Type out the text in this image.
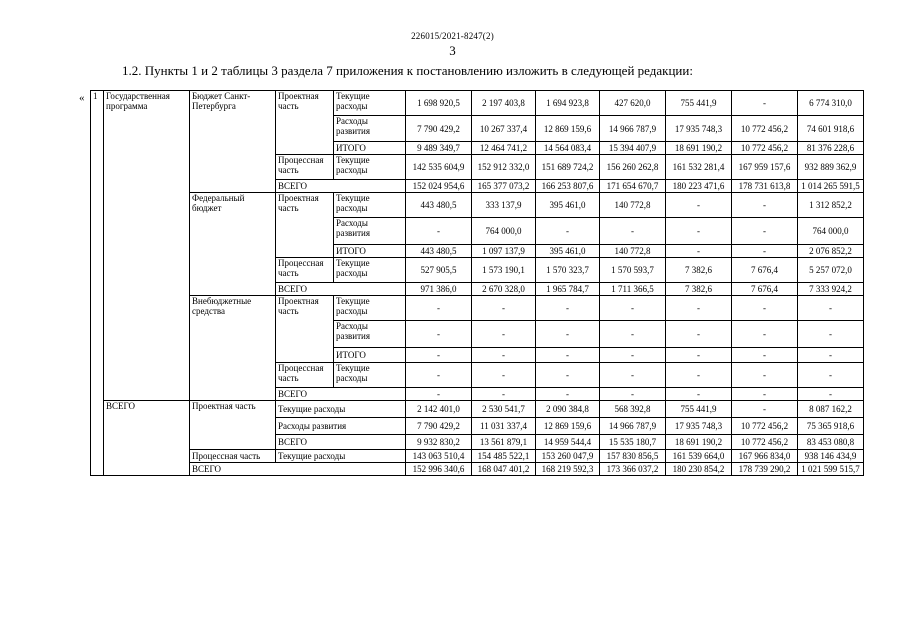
226015/2021-8247(2)
3
1.2. Пункты 1 и 2 таблицы 3 раздела 7 приложения к постановлению изложить в следующей редакции:
« 1	Государственная программа	Бюджет Санкт-Петербурга	Проектная часть	Текущие расходы	1 698 920,5	2 197 403,8	1 694 923,8	427 620,0	755 441,9	-	6 774 310,0
				Расходы развития	7 790 429,2	10 267 337,4	12 869 159,6	14 966 787,9	17 935 748,3	10 772 456,2	74 601 918,6
				ИТОГО	9 489 349,7	12 464 741,2	14 564 083,4	15 394 407,9	18 691 190,2	10 772 456,2	81 376 228,6
			Процессная часть	Текущие расходы	142 535 604,9	152 912 332,0	151 689 724,2	156 260 262,8	161 532 281,4	167 959 157,6	932 889 362,9
			ВСЕГО		152 024 954,6	165 377 073,2	166 253 807,6	171 654 670,7	180 223 471,6	178 731 613,8	1 014 265 591,5
		Федеральный бюджет	Проектная часть	Текущие расходы	443 480,5	333 137,9	395 461,0	140 772,8	-	-	1 312 852,2
				Расходы развития	-	764 000,0	-	-	-	-	764 000,0
				ИТОГО	443 480,5	1 097 137,9	395 461,0	140 772,8	-	-	2 076 852,2
			Процессная часть	Текущие расходы	527 905,5	1 573 190,1	1 570 323,7	1 570 593,7	7 382,6	7 676,4	5 257 072,0
			ВСЕГО		971 386,0	2 670 328,0	1 965 784,7	1 711 366,5	7 382,6	7 676,4	7 333 924,2
		Внебюджетные средства	Проектная часть	Текущие расходы	-	-	-	-	-	-	-
				Расходы развития	-	-	-	-	-	-	-
				ИТОГО	-	-	-	-	-	-	-
			Процессная часть	Текущие расходы	-	-	-	-	-	-	-
			ВСЕГО		-	-	-	-	-	-	-
	ВСЕГО	Проектная часть	Текущие расходы		2 142 401,0	2 530 541,7	2 090 384,8	568 392,8	755 441,9	-	8 087 162,2
			Расходы развития		7 790 429,2	11 031 337,4	12 869 159,6	14 966 787,9	17 935 748,3	10 772 456,2	75 365 918,6
			ВСЕГО		9 932 830,2	13 561 879,1	14 959 544,4	15 535 180,7	18 691 190,2	10 772 456,2	83 453 080,8
		Процессная часть	Текущие расходы		143 063 510,4	154 485 522,1	153 260 047,9	157 830 856,5	161 539 664,0	167 966 834,0	938 146 434,9
		ВСЕГО			152 996 340,6	168 047 401,2	168 219 592,3	173 366 037,2	180 230 854,2	178 739 290,2	1 021 599 515,7
